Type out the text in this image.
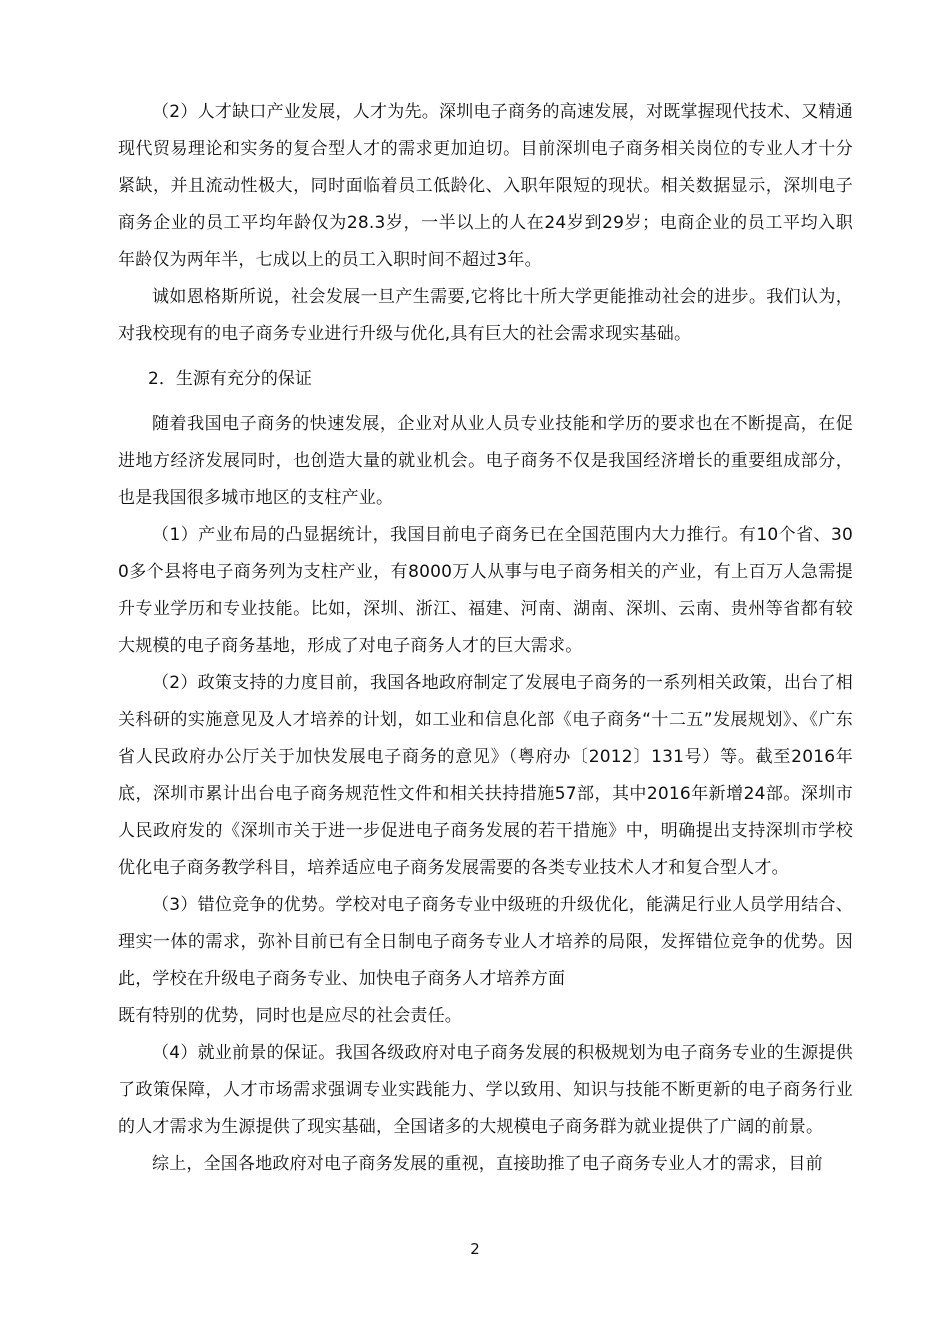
（2）人才缺口产业发展，人才为先。深圳电子商务的高速发展，对既掌握现代技术、又精通现代贸易理论和实务的复合型人才的需求更加迫切。目前深圳电子商务相关岗位的专业人才十分紧缺，并且流动性极大，同时面临着员工低龄化、入职年限短的现状。相关数据显示，深圳电子商务企业的员工平均年龄仅为28.3岁，一半以上的人在24岁到29岁；电商企业的员工平均入职年龄仅为两年半，七成以上的员工入职时间不超过3年。

诚如恩格斯所说，社会发展一旦产生需要,它将比十所大学更能推动社会的进步。我们认为，对我校现有的电子商务专业进行升级与优化,具有巨大的社会需求现实基础。

2．生源有充分的保证

随着我国电子商务的快速发展，企业对从业人员专业技能和学历的要求也在不断提高，在促进地方经济发展同时，也创造大量的就业机会。电子商务不仅是我国经济增长的重要组成部分，也是我国很多城市地区的支柱产业。

（1）产业布局的凸显据统计，我国目前电子商务已在全国范围内大力推行。有10个省、300多个县将电子商务列为支柱产业，有8000万人从事与电子商务相关的产业，有上百万人急需提升专业学历和专业技能。比如，深圳、浙江、福建、河南、湖南、深圳、云南、贵州等省都有较大规模的电子商务基地，形成了对电子商务人才的巨大需求。

（2）政策支持的力度目前，我国各地政府制定了发展电子商务的一系列相关政策，出台了相关科研的实施意见及人才培养的计划，如工业和信息化部《电子商务“十二五”发展规划》、《广东省人民政府办公厅关于加快发展电子商务的意见》（粤府办〔2012〕131号）等。截至2016年底，深圳市累计出台电子商务规范性文件和相关扶持措施57部，其中2016年新增24部。深圳市人民政府发的《深圳市关于进一步促进电子商务发展的若干措施》中，明确提出支持深圳市学校优化电子商务教学科目，培养适应电子商务发展需要的各类专业技术人才和复合型人才。

（3）错位竞争的优势。学校对电子商务专业中级班的升级优化，能满足行业人员学用结合、理实一体的需求，弥补目前已有全日制电子商务专业人才培养的局限，发挥错位竞争的优势。因此，学校在升级电子商务专业、加快电子商务人才培养方面

既有特别的优势，同时也是应尽的社会责任。

（4）就业前景的保证。我国各级政府对电子商务发展的积极规划为电子商务专业的生源提供了政策保障，人才市场需求强调专业实践能力、学以致用、知识与技能不断更新的电子商务行业的人才需求为生源提供了现实基础，全国诸多的大规模电子商务群为就业提供了广阔的前景。

综上，全国各地政府对电子商务发展的重视，直接助推了电子商务专业人才的需求，目前

2
